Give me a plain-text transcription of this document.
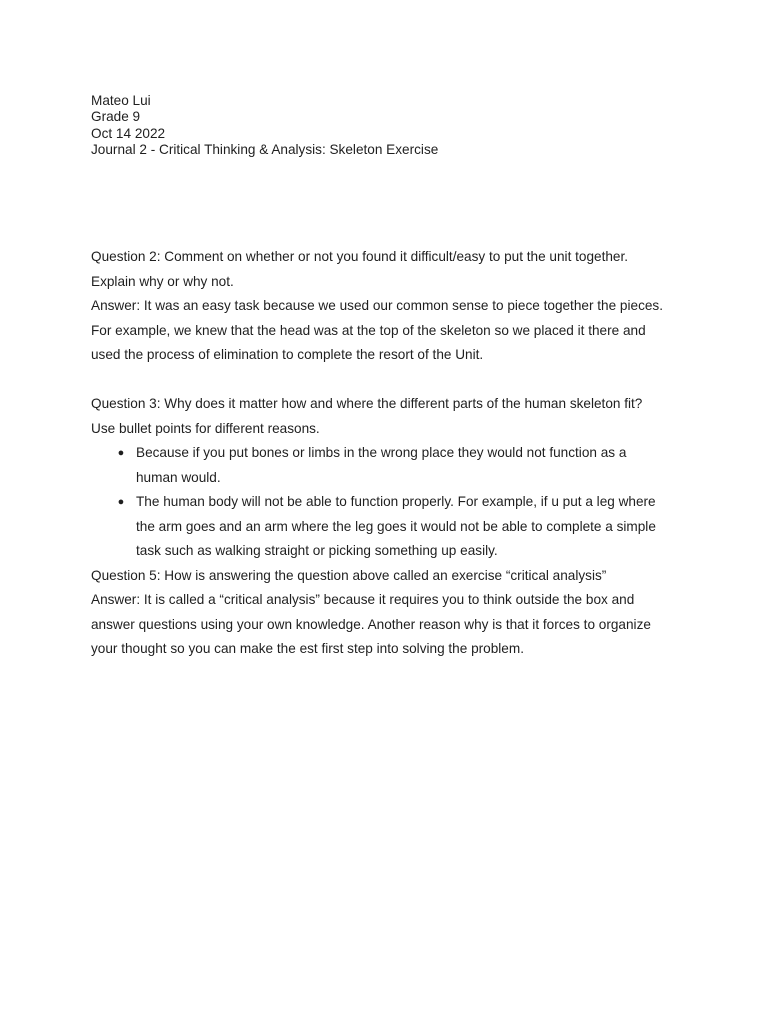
Mateo Lui
Grade 9
Oct 14 2022
Journal 2 - Critical Thinking & Analysis: Skeleton Exercise
Question 2: Comment on whether or not you found it difficult/easy to put the unit together.
Explain why or why not.
Answer: It was an easy task because we used our common sense to piece together the pieces.
For example, we knew that the head was at the top of the skeleton so we placed it there and
used the process of elimination to complete the resort of the Unit.
Question 3: Why does it matter how and where the different parts of the human skeleton fit?
Use bullet points for different reasons.
● Because if you put bones or limbs in the wrong place they would not function as a
human would.
● The human body will not be able to function properly. For example, if u put a leg where
the arm goes and an arm where the leg goes it would not be able to complete a simple
task such as walking straight or picking something up easily.
Question 5: How is answering the question above called an exercise “critical analysis”
Answer: It is called a “critical analysis” because it requires you to think outside the box and
answer questions using your own knowledge. Another reason why is that it forces to organize
your thought so you can make the est first step into solving the problem.
